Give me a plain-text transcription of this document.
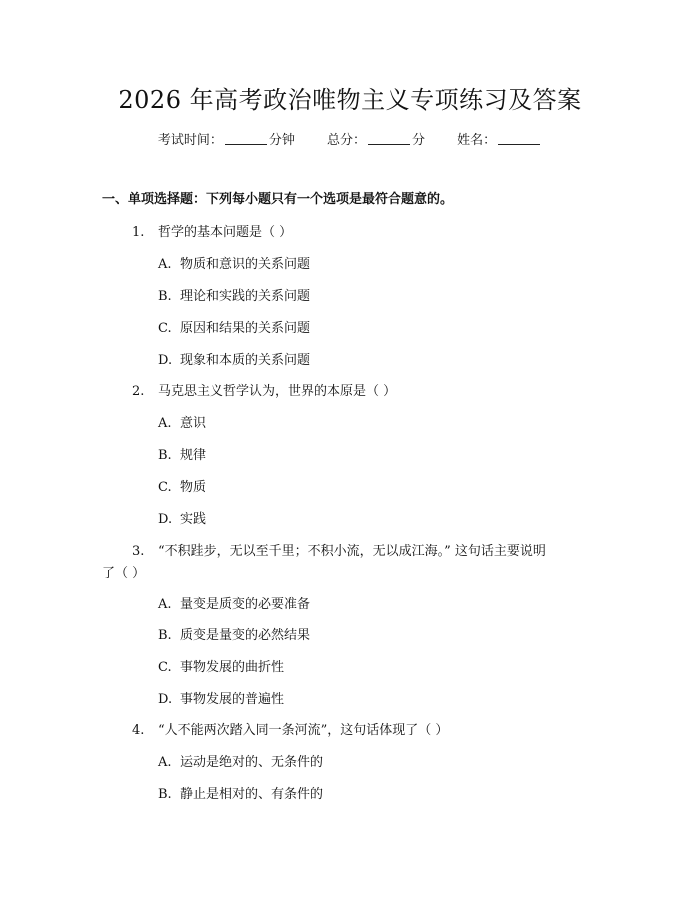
2026 年高考政治唯物主义专项练习及答案
考试时间：	分钟 总分：	分 姓名：
一、单项选择题：下列每小题只有一个选项是最符合题意的。
1. 哲学的基本问题是（ ）
A. 物质和意识的关系问题
B. 理论和实践的关系问题
C. 原因和结果的关系问题
D. 现象和本质的关系问题
2. 马克思主义哲学认为，世界的本原是（ ）
A. 意识
B. 规律
C. 物质
D. 实践
3. “不积跬步，无以至千里；不积小流，无以成江海。” 这句话主要说明
了（ ）
A. 量变是质变的必要准备
B. 质变是量变的必然结果
C. 事物发展的曲折性
D. 事物发展的普遍性
4. “人不能两次踏入同一条河流”，这句话体现了（ ）
A. 运动是绝对的、无条件的
B. 静止是相对的、有条件的
